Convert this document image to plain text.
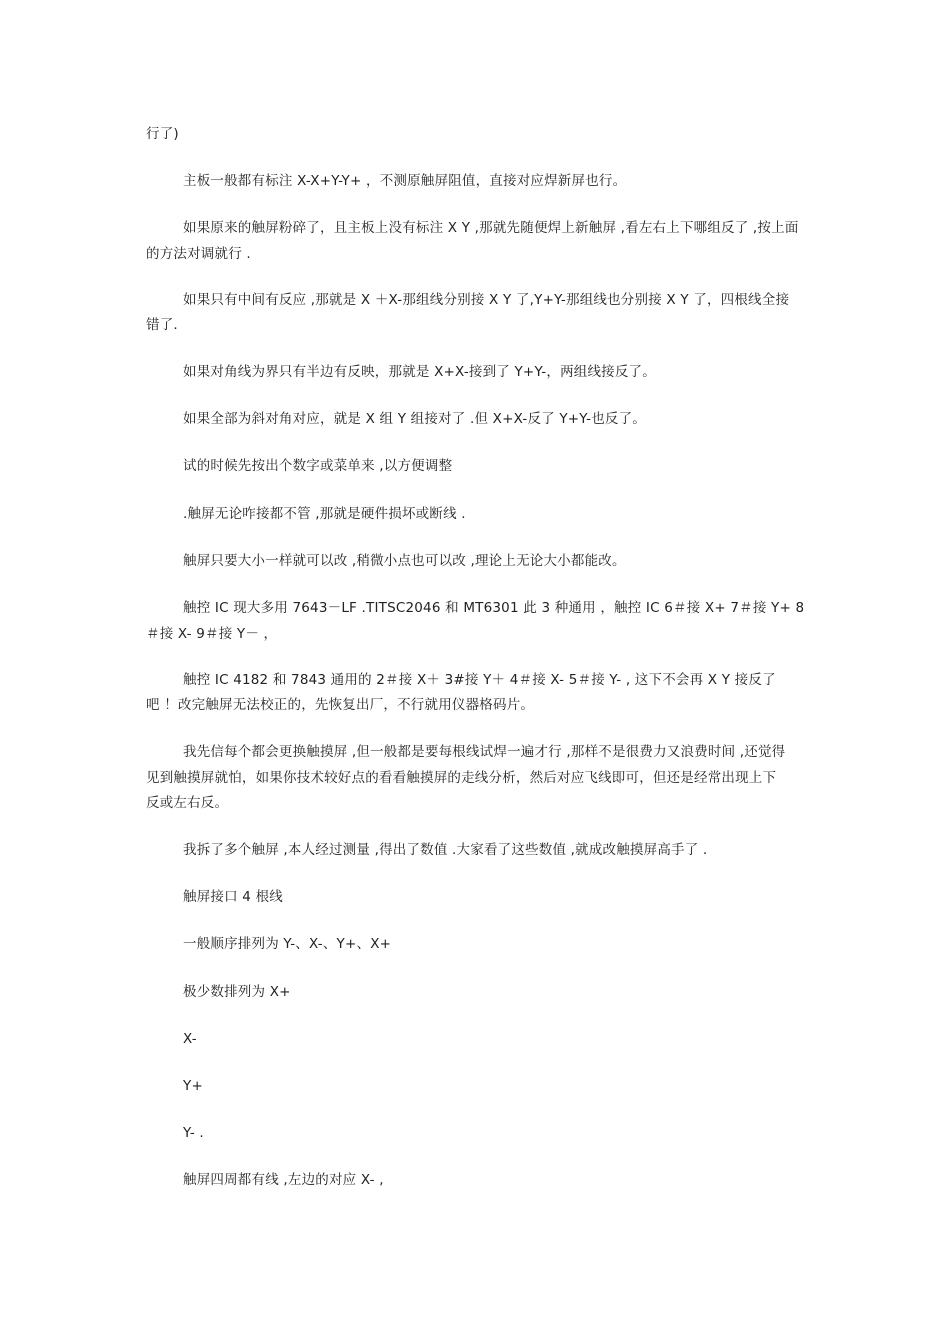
行了)
主板一般都有标注 X-X+Y-Y+ ，不测原触屏阻值，直接对应焊新屏也行。
如果原来的触屏粉碎了，且主板上没有标注 X Y ,那就先随便焊上新触屏 ,看左右上下哪组反了 ,按上面
的方法对调就行 .
如果只有中间有反应 ,那就是 X ＋X-那组线分别接 X Y 了,Y+Y-那组线也分别接 X Y 了，四根线全接
错了.
如果对角线为界只有半边有反映，那就是 X+X-接到了 Y+Y-，两组线接反了。
如果全部为斜对角对应，就是 X 组 Y 组接对了 .但 X+X-反了 Y+Y-也反了。
试的时候先按出个数字或菜单来 ,以方便调整
.触屏无论咋接都不管 ,那就是硬件损坏或断线 .
触屏只要大小一样就可以改 ,稍微小点也可以改 ,理论上无论大小都能改。
触控 IC 现大多用 7643－LF .TITSC2046 和 MT6301 此 3 种通用 ，触控 IC 6＃接 X+ 7＃接 Y+ 8
＃接 X- 9＃接 Y－ ，
触控 IC 4182 和 7843 通用的 2＃接 X＋ 3#接 Y＋ 4＃接 X- 5＃接 Y- , 这下不会再 X Y 接反了
吧 ！改完触屏无法校正的，先恢复出厂，不行就用仪器格码片。
我先信每个都会更换触摸屏 ,但一般都是要每根线试焊一遍才行 ,那样不是很费力又浪费时间 ,还觉得
见到触摸屏就怕，如果你技术较好点的看看触摸屏的走线分析，然后对应飞线即可，但还是经常出现上下
反或左右反。
我拆了多个触屏 ,本人经过测量 ,得出了数值 .大家看了这些数值 ,就成改触摸屏高手了 .
触屏接口 4 根线
一般顺序排列为 Y-、X-、Y+、X+
极少数排列为 X+
X-
Y+
Y- .
触屏四周都有线 ,左边的对应 X- ,
